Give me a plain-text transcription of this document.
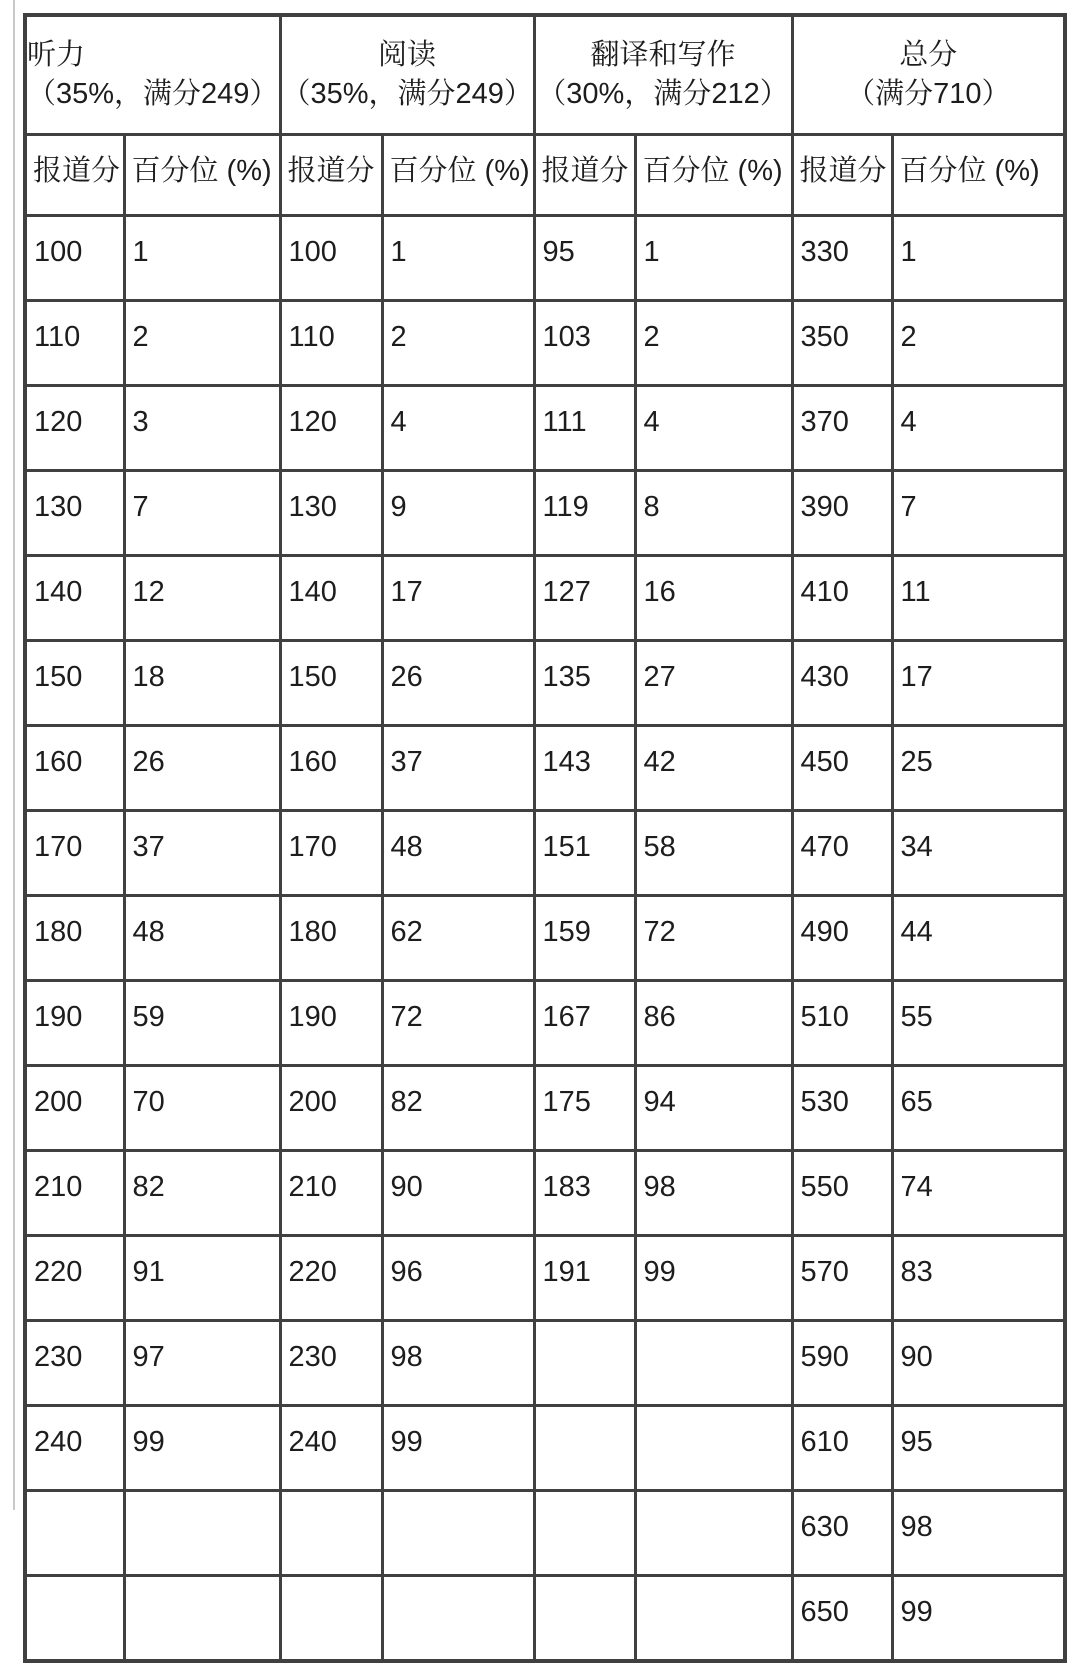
听力
（35%，满分249）

阅读
（35%，满分249）

翻译和写作
（30%，满分212）

总分
（满分710）

报道分	百分位 (%)	报道分	百分位 (%)	报道分	百分位 (%)	报道分	百分位 (%)
100	1	100	1	95	1	330	1
110	2	110	2	103	2	350	2
120	3	120	4	111	4	370	4
130	7	130	9	119	8	390	7
140	12	140	17	127	16	410	11
150	18	150	26	135	27	430	17
160	26	160	37	143	42	450	25
170	37	170	48	151	58	470	34
180	48	180	62	159	72	490	44
190	59	190	72	167	86	510	55
200	70	200	82	175	94	530	65
210	82	210	90	183	98	550	74
220	91	220	96	191	99	570	83
230	97	230	98			590	90
240	99	240	99			610	95
						630	98
						650	99
